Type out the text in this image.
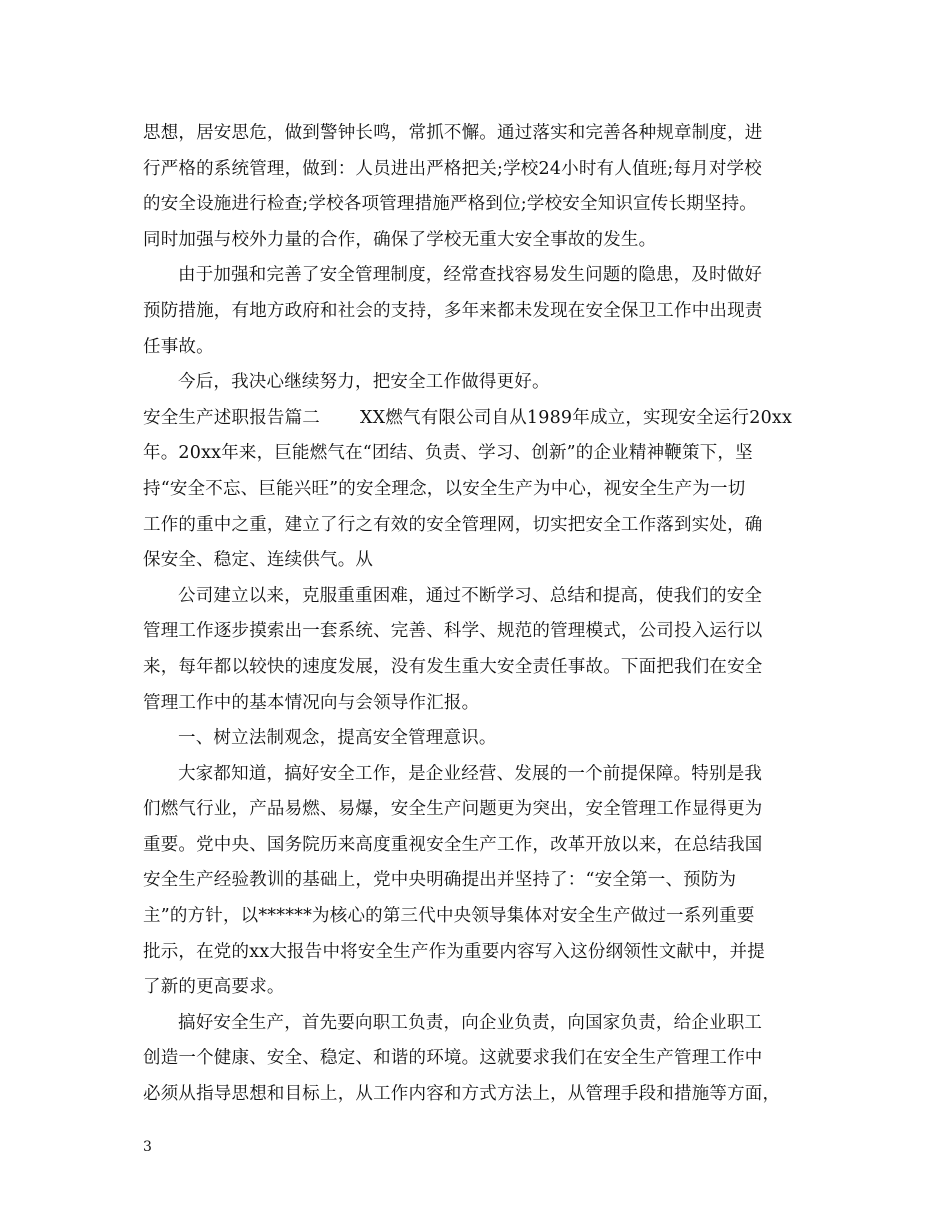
思想，居安思危，做到警钟长鸣，常抓不懈。通过落实和完善各种规章制度，进
行严格的系统管理，做到：人员进出严格把关;学校24小时有人值班;每月对学校
的安全设施进行检查;学校各项管理措施严格到位;学校安全知识宣传长期坚持。
同时加强与校外力量的合作，确保了学校无重大安全事故的发生。
由于加强和完善了安全管理制度，经常查找容易发生问题的隐患，及时做好
预防措施，有地方政府和社会的支持，多年来都未发现在安全保卫工作中出现责
任事故。
今后，我决心继续努力，把安全工作做得更好。
安全生产述职报告篇二 XX燃气有限公司自从1989年成立，实现安全运行20xx
年。20xx年来，巨能燃气在“团结、负责、学习、创新”的企业精神鞭策下，坚
持“安全不忘、巨能兴旺”的安全理念，以安全生产为中心，视安全生产为一切
工作的重中之重，建立了行之有效的安全管理网，切实把安全工作落到实处，确
保安全、稳定、连续供气。从
公司建立以来，克服重重困难，通过不断学习、总结和提高，使我们的安全
管理工作逐步摸索出一套系统、完善、科学、规范的管理模式，公司投入运行以
来，每年都以较快的速度发展，没有发生重大安全责任事故。下面把我们在安全
管理工作中的基本情况向与会领导作汇报。
一、树立法制观念，提高安全管理意识。
大家都知道，搞好安全工作，是企业经营、发展的一个前提保障。特别是我
们燃气行业，产品易燃、易爆，安全生产问题更为突出，安全管理工作显得更为
重要。党中央、国务院历来高度重视安全生产工作，改革开放以来，在总结我国
安全生产经验教训的基础上，党中央明确提出并坚持了：“安全第一、预防为
主”的方针，以******为核心的第三代中央领导集体对安全生产做过一系列重要
批示，在党的xx大报告中将安全生产作为重要内容写入这份纲领性文献中，并提
了新的更高要求。
搞好安全生产，首先要向职工负责，向企业负责，向国家负责，给企业职工
创造一个健康、安全、稳定、和谐的环境。这就要求我们在安全生产管理工作中
必须从指导思想和目标上，从工作内容和方式方法上，从管理手段和措施等方面，
3
